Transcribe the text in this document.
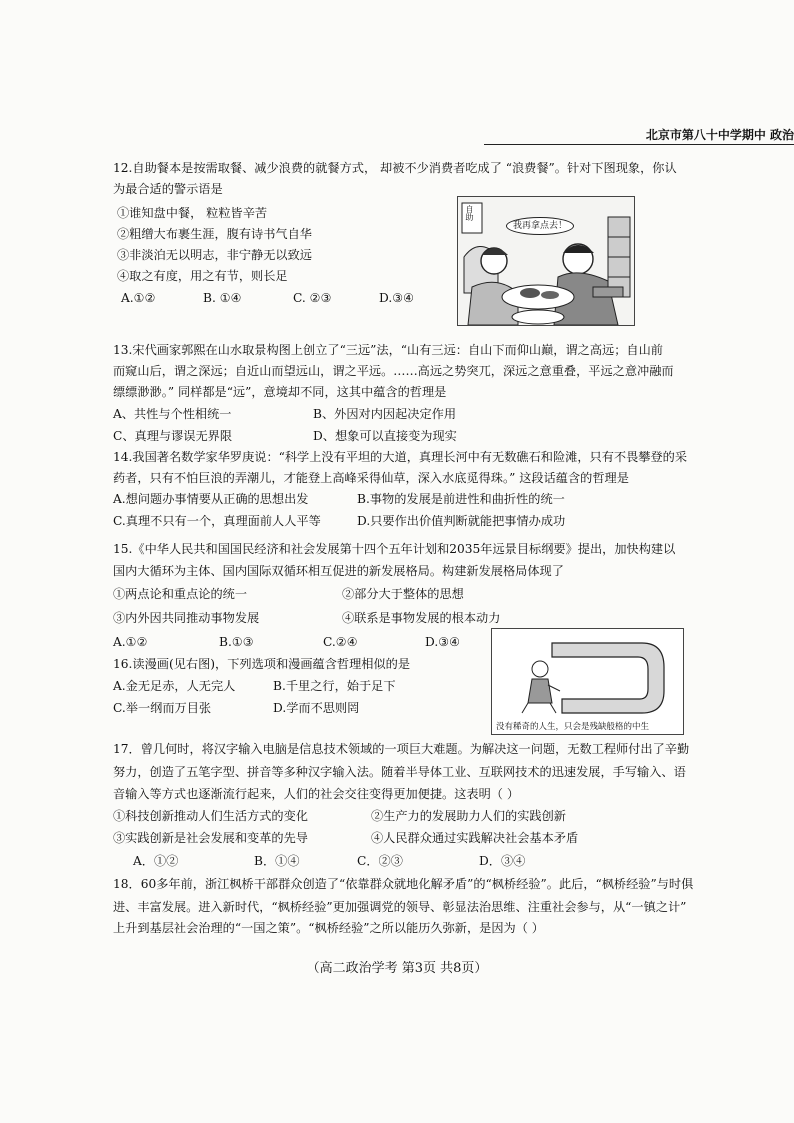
北京市第八十中学期中 政治
12.自助餐本是按需取餐、减少浪费的就餐方式， 却被不少消费者吃成了 “浪费餐”。针对下图现象，你认
为最合适的警示语是
①谁知盘中餐， 粒粒皆辛苦
②粗缯大布裹生涯，腹有诗书气自华
③非淡泊无以明志，非宁静无以致远
④取之有度，用之有节，则长足
A.①②	B. ①④	C. ②③	D.③④
自助
我再拿点去！
13.宋代画家郭熙在山水取景构图上创立了“三远”法，“山有三远：自山下而仰山巅，谓之高远；自山前
而窥山后，谓之深远；自近山而望远山，谓之平远。……高远之势突兀，深远之意重叠，平远之意冲融而
缥缥渺渺。” 同样都是“远”，意境却不同，这其中蕴含的哲理是
A、共性与个性相统一	B、外因对内因起决定作用
C、真理与谬误无界限	D、想象可以直接变为现实
14.我国著名数学家华罗庚说：“科学上没有平坦的大道，真理长河中有无数礁石和险滩，只有不畏攀登的采
药者，只有不怕巨浪的弄潮儿，才能登上高峰采得仙草，深入水底觅得珠。” 这段话蕴含的哲理是
A.想问题办事情要从正确的思想出发	B.事物的发展是前进性和曲折性的统一
C.真理不只有一个，真理面前人人平等	D.只要作出价值判断就能把事情办成功
15.《中华人民共和国国民经济和社会发展第十四个五年计划和2035年远景目标纲要》提出，加快构建以
国内大循环为主体、国内国际双循环相互促进的新发展格局。构建新发展格局体现了
①两点论和重点论的统一	②部分大于整体的思想
③内外因共同推动事物发展	④联系是事物发展的根本动力
A.①②	B.①③	C.②④	D.③④
16.读漫画(见右图)，下列选项和漫画蕴含哲理相似的是
A.金无足赤，人无完人	B.千里之行，始于足下
C.举一纲而万目张	D.学而不思则罔
没有稀奇的人生，只会是残缺般格的中生
17．曾几何时，将汉字输入电脑是信息技术领域的一项巨大难题。为解决这一问题，无数工程师付出了辛勤
努力，创造了五笔字型、拼音等多种汉字输入法。随着半导体工业、互联网技术的迅速发展，手写输入、语
音输入等方式也逐渐流行起来，人们的社会交往变得更加便捷。这表明（ ）
①科技创新推动人们生活方式的变化	②生产力的发展助力人们的实践创新
③实践创新是社会发展和变革的先导	④人民群众通过实践解决社会基本矛盾
A．①②	B．①④	C．②③	D．③④
18．60多年前，浙江枫桥干部群众创造了“依靠群众就地化解矛盾”的“枫桥经验”。此后，“枫桥经验”与时俱
进、丰富发展。进入新时代，“枫桥经验”更加强调党的领导、彰显法治思维、注重社会参与，从“一镇之计”
上升到基层社会治理的“一国之策”。“枫桥经验”之所以能历久弥新，是因为（ ）
（高二政治学考 第3页 共8页）
